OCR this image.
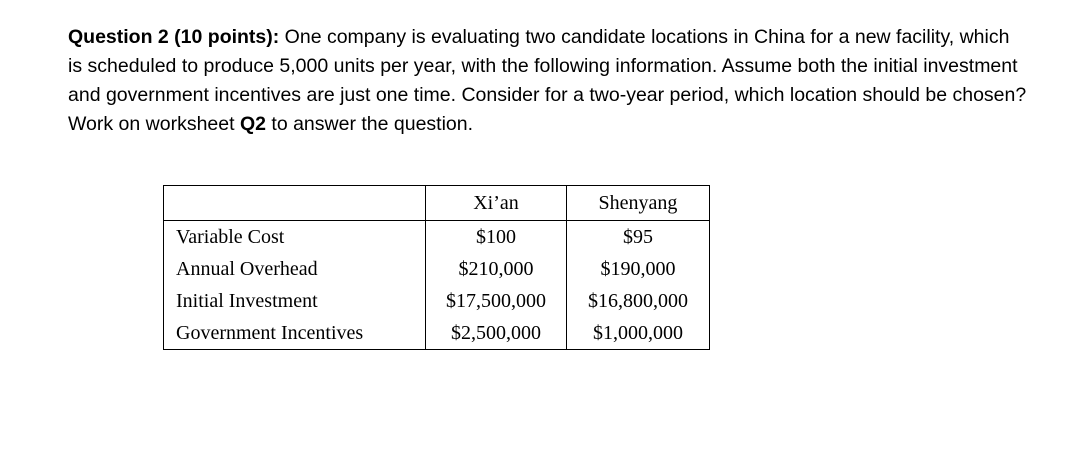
Question 2 (10 points): One company is evaluating two candidate locations in China for a new facility, which is scheduled to produce 5,000 units per year, with the following information. Assume both the initial investment and government incentives are just one time. Consider for a two-year period, which location should be chosen? Work on worksheet Q2 to answer the question.

	Xi’an	Shenyang
Variable Cost	$100	$95
Annual Overhead	$210,000	$190,000
Initial Investment	$17,500,000	$16,800,000
Government Incentives	$2,500,000	$1,000,000
